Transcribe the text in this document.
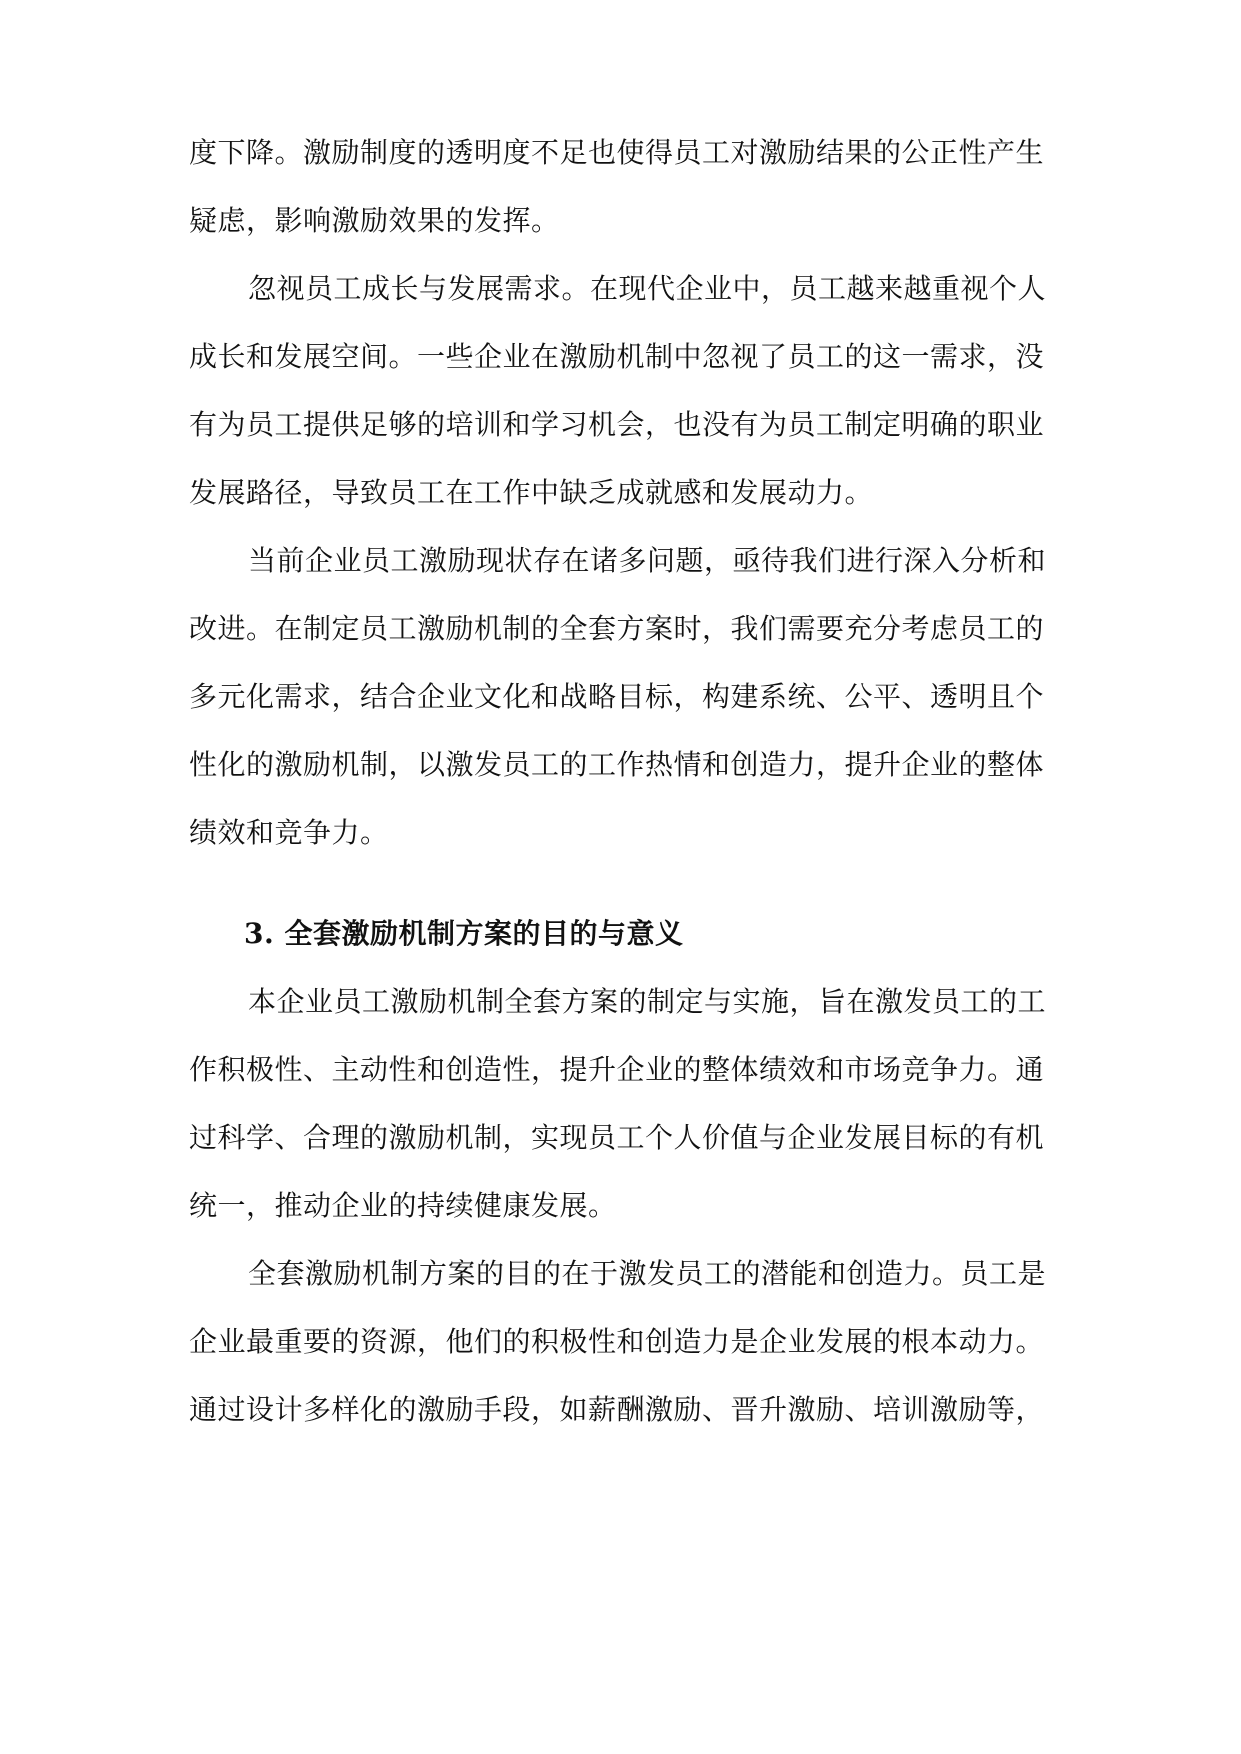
度下降。激励制度的透明度不足也使得员工对激励结果的公正性产生
疑虑，影响激励效果的发挥。
忽视员工成长与发展需求。在现代企业中，员工越来越重视个人
成长和发展空间。一些企业在激励机制中忽视了员工的这一需求，没
有为员工提供足够的培训和学习机会，也没有为员工制定明确的职业
发展路径，导致员工在工作中缺乏成就感和发展动力。
当前企业员工激励现状存在诸多问题，亟待我们进行深入分析和
改进。在制定员工激励机制的全套方案时，我们需要充分考虑员工的
多元化需求，结合企业文化和战略目标，构建系统、公平、透明且个
性化的激励机制，以激发员工的工作热情和创造力，提升企业的整体
绩效和竞争力。
3. 全套激励机制方案的目的与意义
本企业员工激励机制全套方案的制定与实施，旨在激发员工的工
作积极性、主动性和创造性，提升企业的整体绩效和市场竞争力。通
过科学、合理的激励机制，实现员工个人价值与企业发展目标的有机
统一，推动企业的持续健康发展。
全套激励机制方案的目的在于激发员工的潜能和创造力。员工是
企业最重要的资源，他们的积极性和创造力是企业发展的根本动力。
通过设计多样化的激励手段，如薪酬激励、晋升激励、培训激励等，
